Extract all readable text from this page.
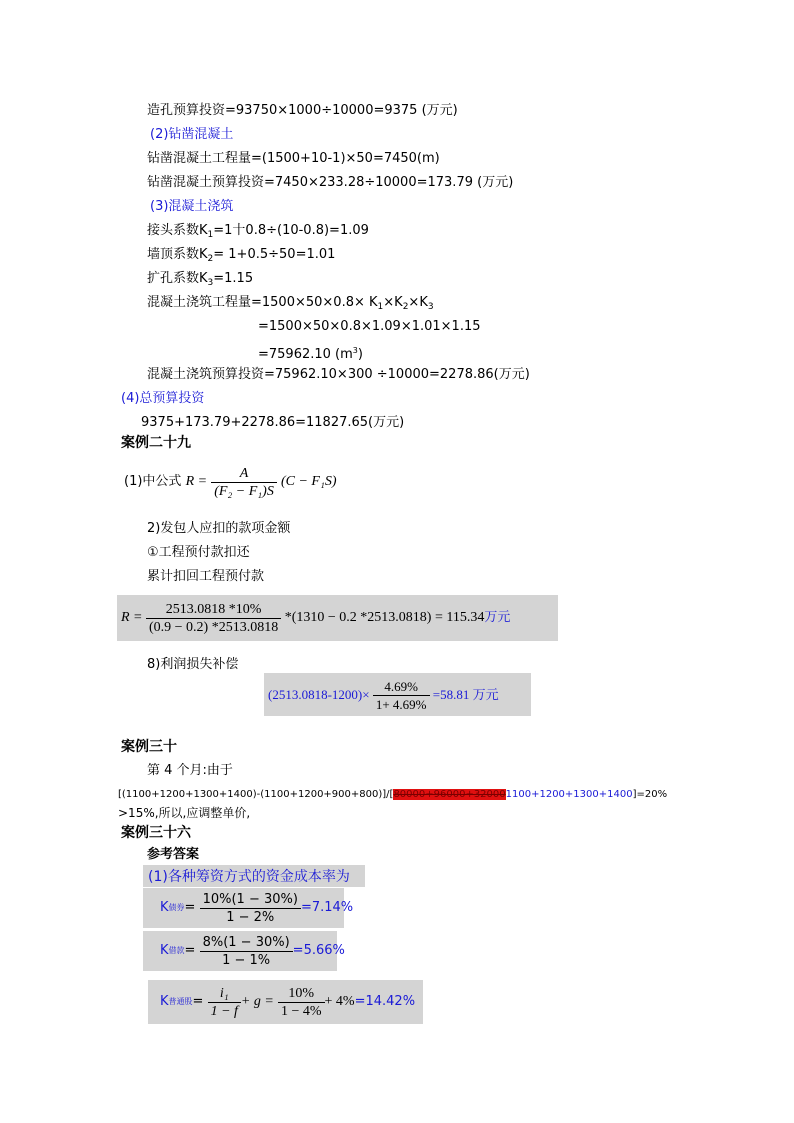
造孔预算投资=93750×1000÷10000=9375 (万元)
(2)钻凿混凝土
钻凿混凝土工程量=(1500+10-1)×50=7450(m)
钻凿混凝土预算投资=7450×233.28÷10000=173.79 (万元)
(3)混凝土浇筑
接头系数$K_1=1$十0.8÷(10-0.8)=1.09
墙顶系数$K_2= 1+0.5\div 50=1.01$
扩孔系数$K_3=1.15$
混凝土浇筑工程量$=1500\times 50\times 0.8\times K_1\times K_2\times K_3$
=1500×50×0.8×1.09×1.01×1.15
=75962.10 $(m^3)$
混凝土浇筑预算投资=75962.10×300 ÷10000=2278.86(万元)
(4)总预算投资
9375+173.79+2278.86=11827.65(万元)
案例二十九
(1)中公式 $R = \frac{A}{\text{(F₂ − F₁)S}} (C - F_1S)$
2)发包人应扣的款项金额
①工程预付款扣还
累计扣回工程预付款
$R = \frac{2513.0818 *10\%}{(0.9 - 0.2) *2513.0818} *(1310 - 0.2$ *2513.0818) = 115.34万元
8)利润损失补偿
$(2513.0818-1200)\times \frac{4.69\%}{1+ 4.69\%} =58.81$ 万元
案例三十
第 4 个月:由于
[(1100+1200+1300+1400)-(1100+1200+900+800)]/[80000+96000+320001100+1200+1300+1400]=20%
>15%,所以,应调整单价,
案例三十六
参考答案
(1)各种筹资方式的资金成本率为
K债券= $\frac{10\%(1 - 30\%)}{1 - 2\%} =7.14\%$
K借款= $\frac{8\%(1 - 30\%)}{1 - 1\%} =5.66\%$
K普通股= $\frac{\text{i₁}}{1 - f} + g = \frac{10\%}{1 - 4\%} + 4\%=14.42\%$
